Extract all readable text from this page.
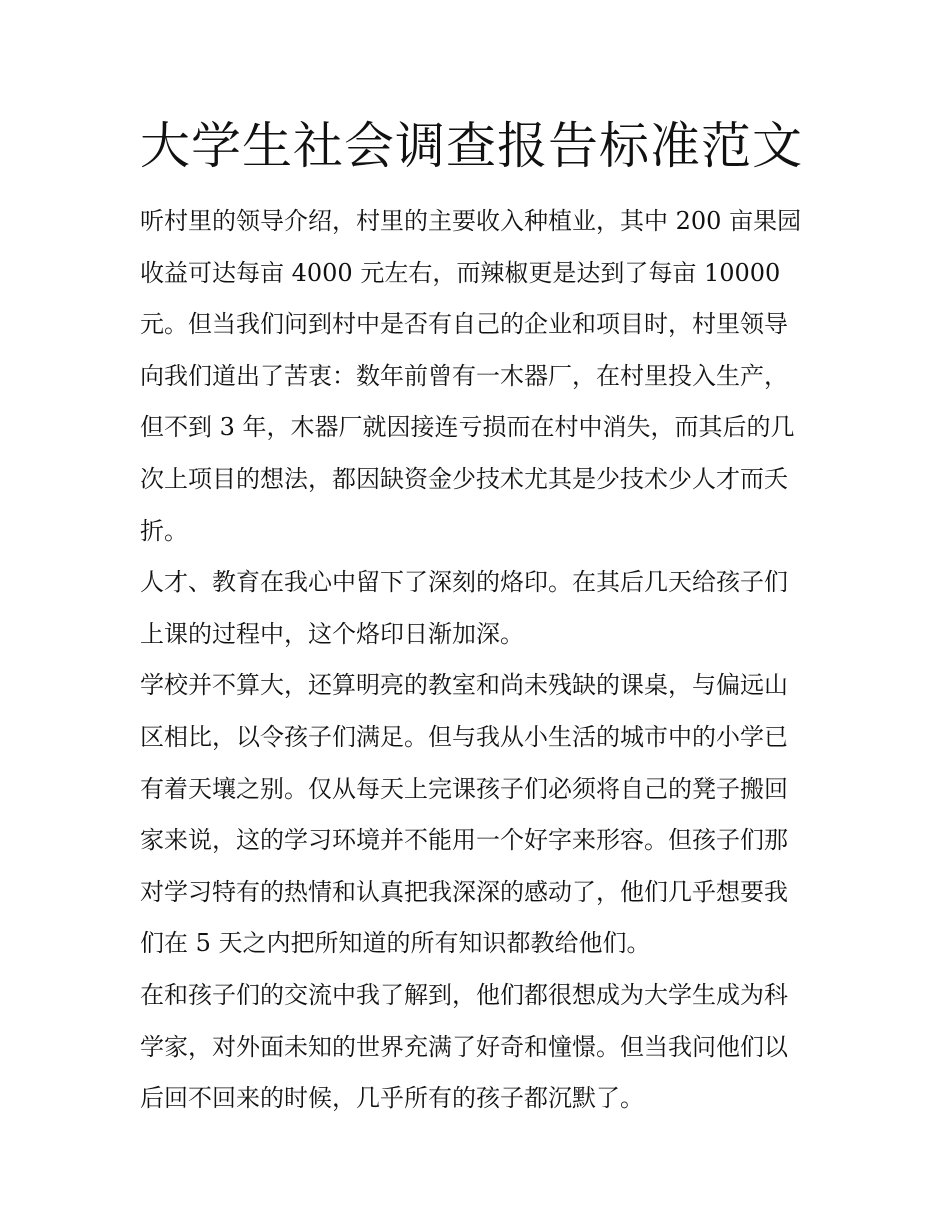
大学生社会调查报告标准范文

听村里的领导介绍，村里的主要收入种植业，其中 200 亩果园
收益可达每亩 4000 元左右，而辣椒更是达到了每亩 10000
元。但当我们问到村中是否有自己的企业和项目时，村里领导
向我们道出了苦衷：数年前曾有一木器厂，在村里投入生产，
但不到 3 年，木器厂就因接连亏损而在村中消失，而其后的几
次上项目的想法，都因缺资金少技术尤其是少技术少人才而夭
折。

人才、教育在我心中留下了深刻的烙印。在其后几天给孩子们
上课的过程中，这个烙印日渐加深。

学校并不算大，还算明亮的教室和尚未残缺的课桌，与偏远山
区相比，以令孩子们满足。但与我从小生活的城市中的小学已
有着天壤之别。仅从每天上完课孩子们必须将自己的凳子搬回
家来说，这的学习环境并不能用一个好字来形容。但孩子们那
对学习特有的热情和认真把我深深的感动了，他们几乎想要我
们在 5 天之内把所知道的所有知识都教给他们。

在和孩子们的交流中我了解到，他们都很想成为大学生成为科
学家，对外面未知的世界充满了好奇和憧憬。但当我问他们以
后回不回来的时候，几乎所有的孩子都沉默了。
